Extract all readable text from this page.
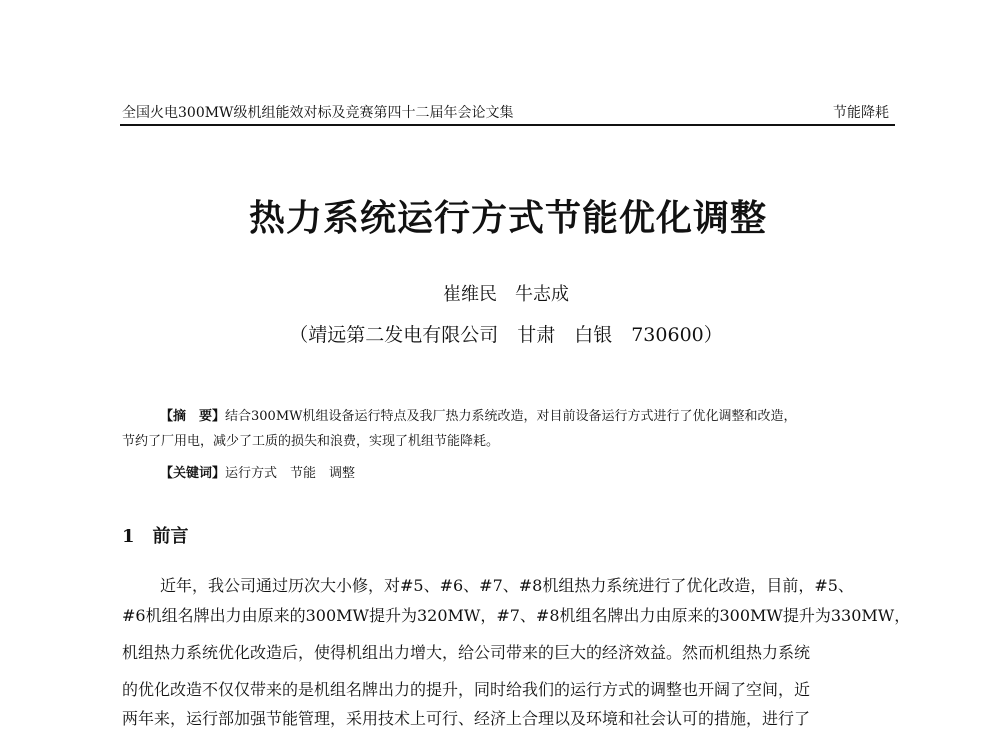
全国火电300MW级机组能效对标及竞赛第四十二届年会论文集	节能降耗
热力系统运行方式节能优化调整
崔维民　牛志成
（靖远第二发电有限公司　甘肃　白银　730600）
【摘　要】结合300MW机组设备运行特点及我厂热力系统改造，对目前设备运行方式进行了优化调整和改造，
节约了厂用电，减少了工质的损失和浪费，实现了机组节能降耗。
【关键词】运行方式　节能　调整
1 前言
近年，我公司通过历次大小修，对#5、#6、#7、#8机组热力系统进行了优化改造，目前，#5、
#6机组名牌出力由原来的300MW提升为320MW，#7、#8机组名牌出力由原来的300MW提升为330MW，
机组热力系统优化改造后，使得机组出力增大，给公司带来的巨大的经济效益。然而机组热力系统
的优化改造不仅仅带来的是机组名牌出力的提升，同时给我们的运行方式的调整也开阔了空间，近
两年来，运行部加强节能管理，采用技术上可行、经济上合理以及环境和社会认可的措施，进行了
